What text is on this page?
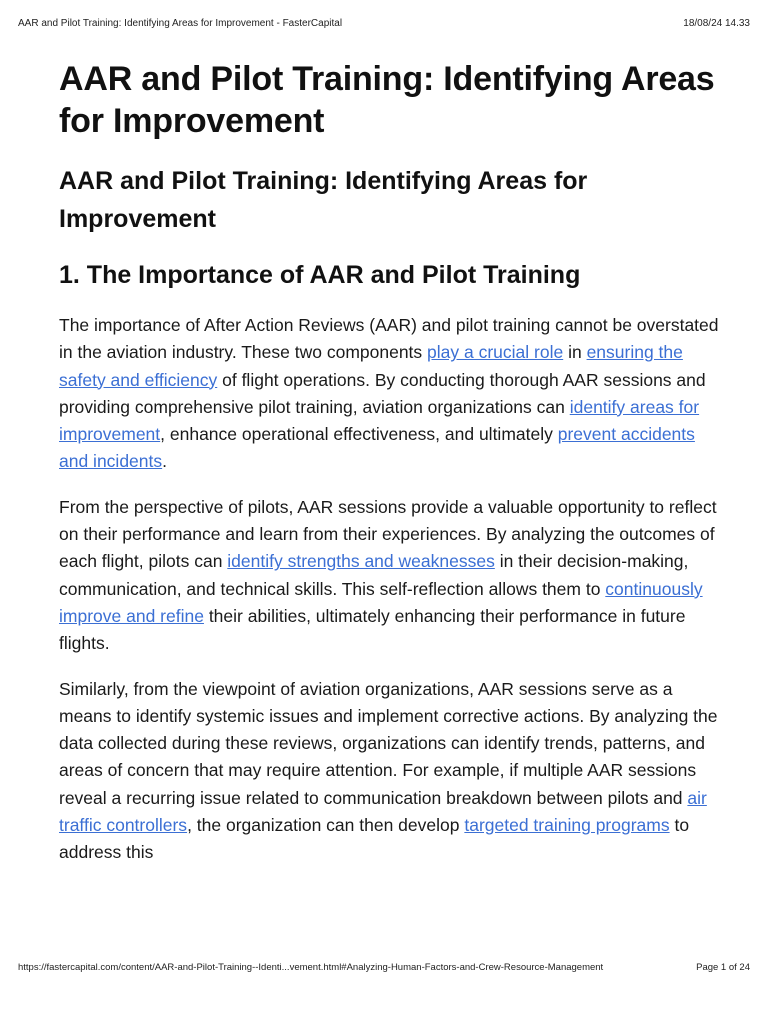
AAR and Pilot Training: Identifying Areas for Improvement - FasterCapital	18/08/24 14.33
AAR and Pilot Training: Identifying Areas for Improvement
AAR and Pilot Training: Identifying Areas for Improvement
1. The Importance of AAR and Pilot Training

The importance of After Action Reviews (AAR) and pilot training cannot be overstated in the aviation industry. These two components play a crucial role in ensuring the safety and efficiency of flight operations. By conducting thorough AAR sessions and providing comprehensive pilot training, aviation organizations can identify areas for improvement, enhance operational effectiveness, and ultimately prevent accidents and incidents.

From the perspective of pilots, AAR sessions provide a valuable opportunity to reflect on their performance and learn from their experiences. By analyzing the outcomes of each flight, pilots can identify strengths and weaknesses in their decision-making, communication, and technical skills. This self-reflection allows them to continuously improve and refine their abilities, ultimately enhancing their performance in future flights.

Similarly, from the viewpoint of aviation organizations, AAR sessions serve as a means to identify systemic issues and implement corrective actions. By analyzing the data collected during these reviews, organizations can identify trends, patterns, and areas of concern that may require attention. For example, if multiple AAR sessions reveal a recurring issue related to communication breakdown between pilots and air traffic controllers, the organization can then develop targeted training programs to address this

https://fastercapital.com/content/AAR-and-Pilot-Training--Identi...vement.html#Analyzing-Human-Factors-and-Crew-Resource-Management	Page 1 of 24
